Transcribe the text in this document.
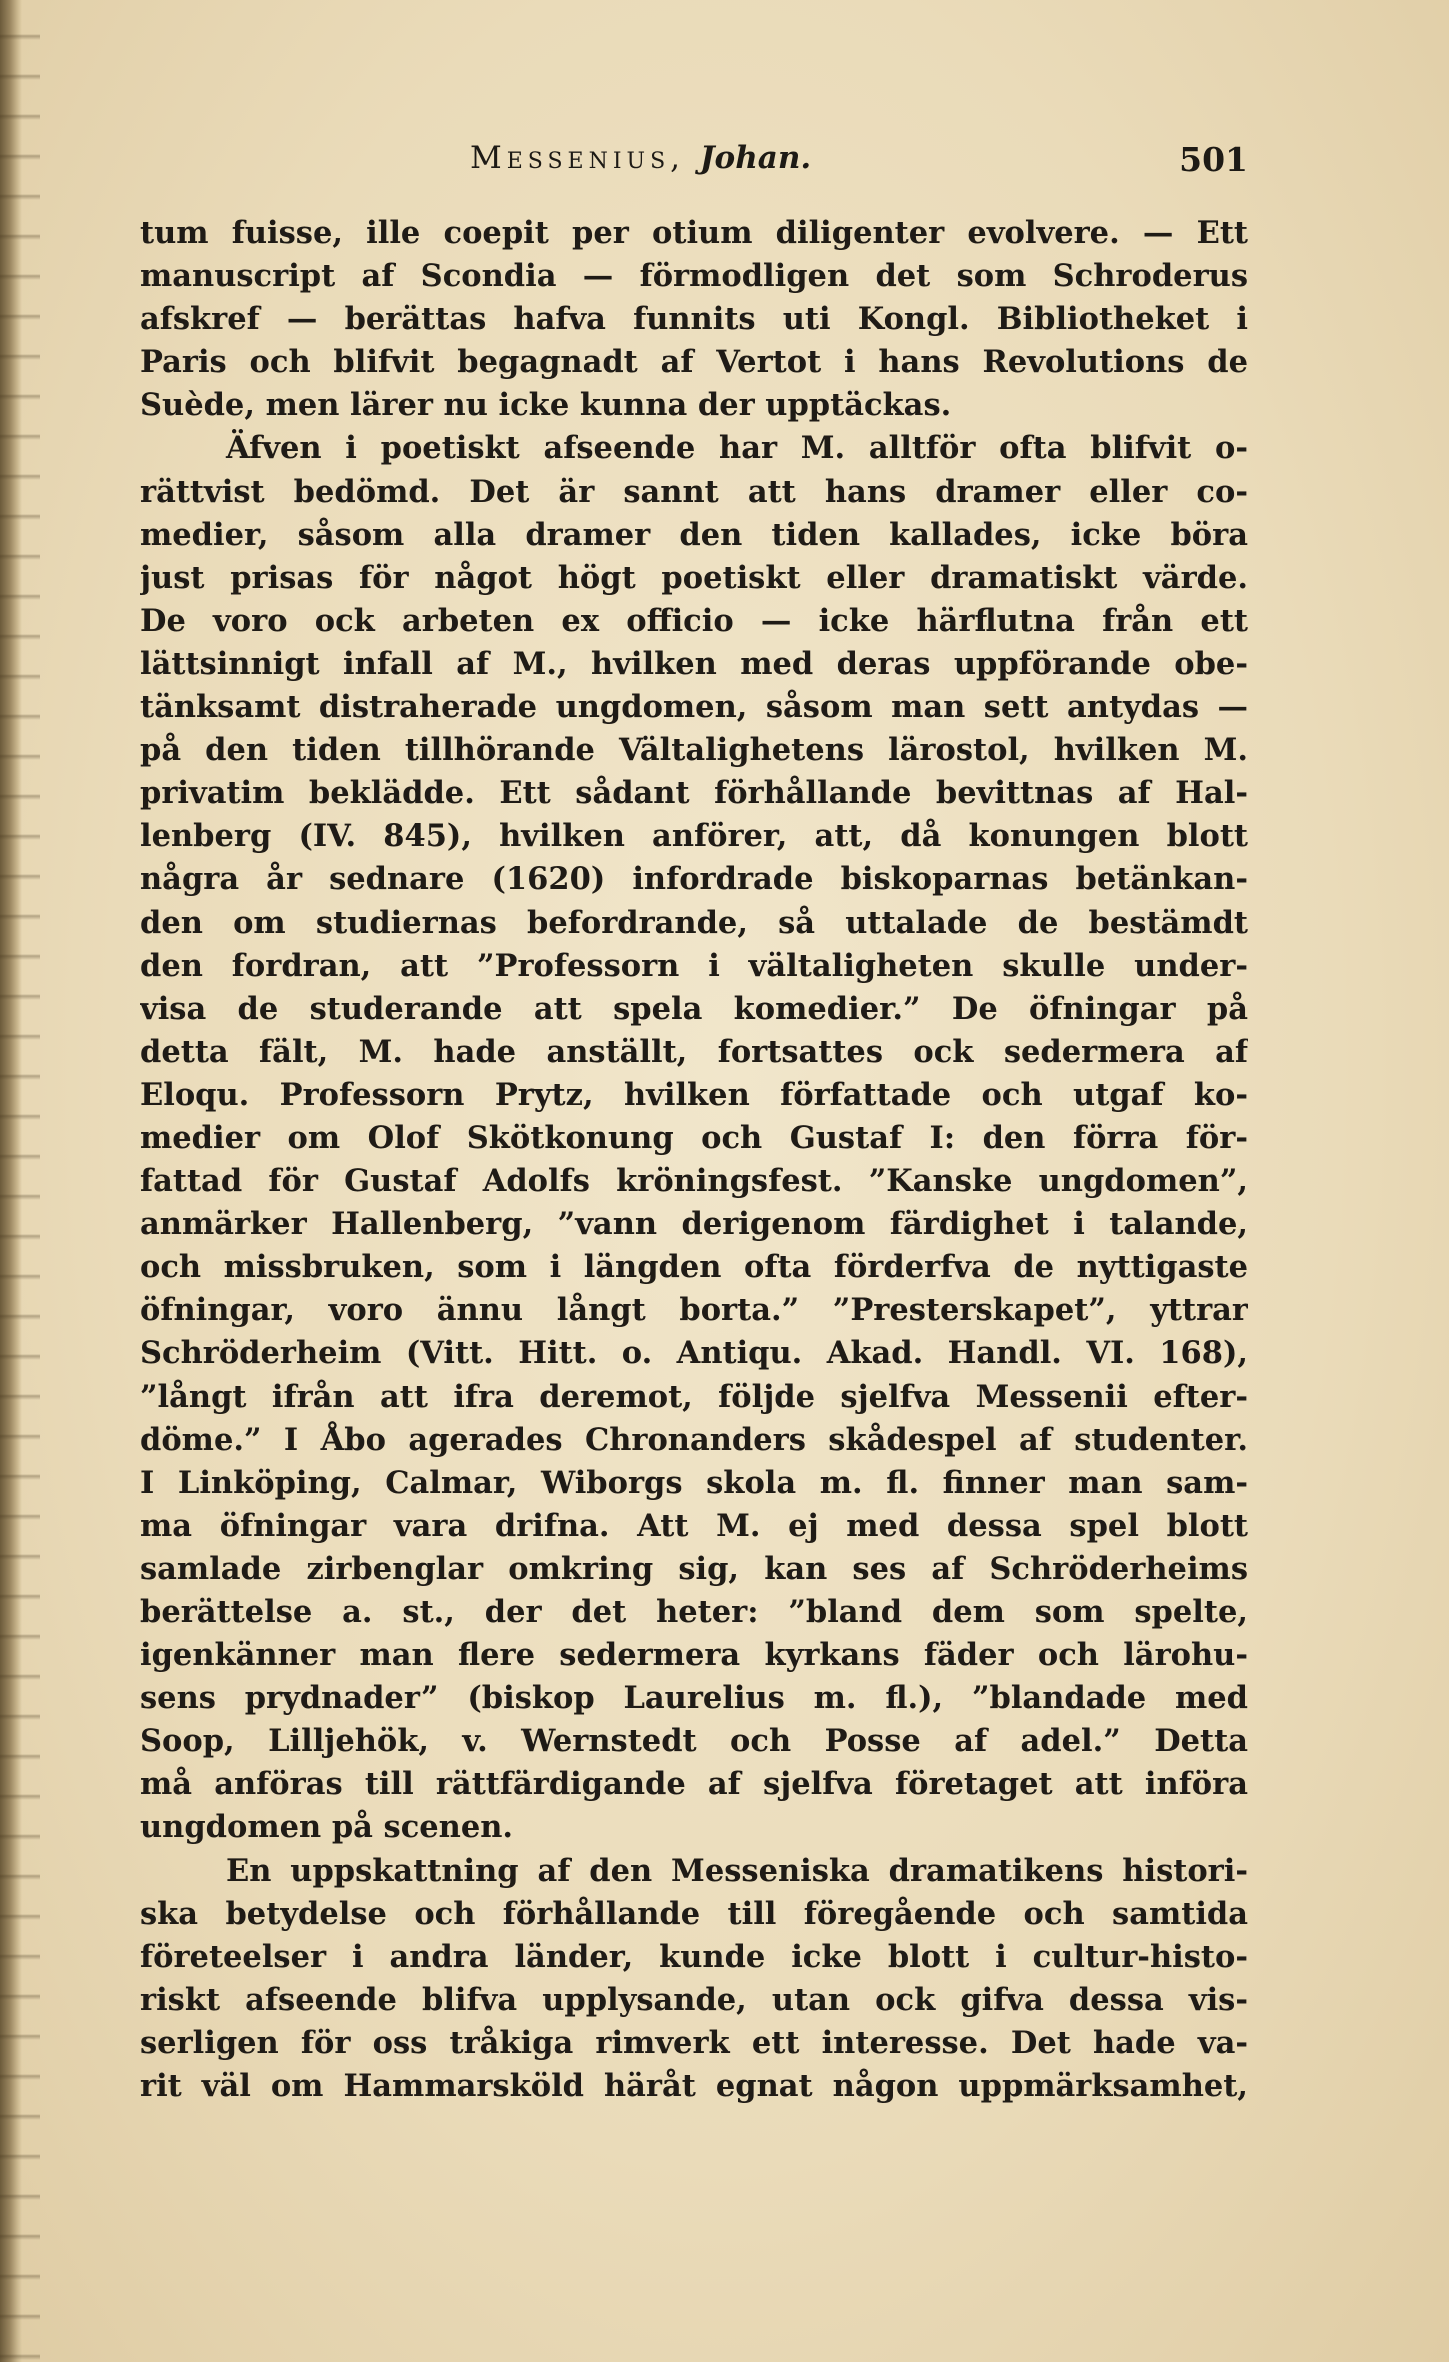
Messenius, Johan.	501
tum fuisse, ille coepit per otium diligenter evolvere. — Ett
manuscript af Scondia — förmodligen det som Schroderus
afskref — berättas hafva funnits uti Kongl. Bibliotheket i
Paris och blifvit begagnadt af Vertot i hans Revolutions de
Suède, men lärer nu icke kunna der upptäckas.
Äfven i poetiskt afseende har M. alltför ofta blifvit o-
rättvist bedömd. Det är sannt att hans dramer eller co-
medier, såsom alla dramer den tiden kallades, icke böra
just prisas för något högt poetiskt eller dramatiskt värde.
De voro ock arbeten ex officio — icke härflutna från ett
lättsinnigt infall af M., hvilken med deras uppförande obe-
tänksamt distraherade ungdomen, såsom man sett antydas —
på den tiden tillhörande Vältalighetens lärostol, hvilken M.
privatim beklädde. Ett sådant förhållande bevittnas af Hal-
lenberg (IV. 845), hvilken anförer, att, då konungen blott
några år sednare (1620) infordrade biskoparnas betänkan-
den om studiernas befordrande, så uttalade de bestämdt
den fordran, att ”Professorn i vältaligheten skulle under-
visa de studerande att spela komedier.” De öfningar på
detta fält, M. hade anställt, fortsattes ock sedermera af
Eloqu. Professorn Prytz, hvilken författade och utgaf ko-
medier om Olof Skötkonung och Gustaf I: den förra för-
fattad för Gustaf Adolfs kröningsfest. ”Kanske ungdomen”,
anmärker Hallenberg, ”vann derigenom färdighet i talande,
och missbruken, som i längden ofta förderfva de nyttigaste
öfningar, voro ännu långt borta.” ”Presterskapet”, yttrar
Schröderheim (Vitt. Hitt. o. Antiqu. Akad. Handl. VI. 168),
”långt ifrån att ifra deremot, följde sjelfva Messenii efter-
döme.” I Åbo agerades Chronanders skådespel af studenter.
I Linköping, Calmar, Wiborgs skola m. fl. finner man sam-
ma öfningar vara drifna. Att M. ej med dessa spel blott
samlade zirbenglar omkring sig, kan ses af Schröderheims
berättelse a. st., der det heter: ”bland dem som spelte,
igenkänner man flere sedermera kyrkans fäder och lärohu-
sens prydnader” (biskop Laurelius m. fl.), ”blandade med
Soop, Lilljehök, v. Wernstedt och Posse af adel.” Detta
må anföras till rättfärdigande af sjelfva företaget att införa
ungdomen på scenen.
En uppskattning af den Messeniska dramatikens histori-
ska betydelse och förhållande till föregående och samtida
företeelser i andra länder, kunde icke blott i cultur-histo-
riskt afseende blifva upplysande, utan ock gifva dessa vis-
serligen för oss tråkiga rimverk ett interesse. Det hade va-
rit väl om Hammarsköld häråt egnat någon uppmärksamhet,
